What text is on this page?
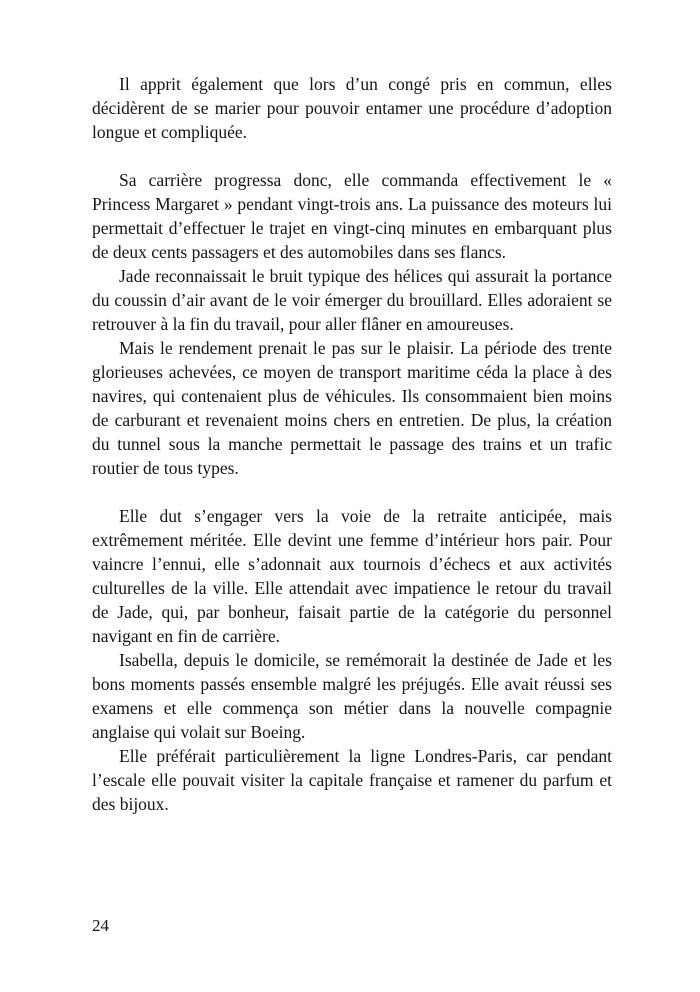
Il apprit également que lors d’un congé pris en commun, elles décidèrent de se marier pour pouvoir entamer une procédure d’adoption longue et compliquée.

Sa carrière progressa donc, elle commanda effectivement le « Princess Margaret » pendant vingt-trois ans. La puissance des moteurs lui permettait d’effectuer le trajet en vingt-cinq minutes en embarquant plus de deux cents passagers et des automobiles dans ses flancs.

Jade reconnaissait le bruit typique des hélices qui assurait la portance du coussin d’air avant de le voir émerger du brouillard. Elles adoraient se retrouver à la fin du travail, pour aller flâner en amoureuses.

Mais le rendement prenait le pas sur le plaisir. La période des trente glorieuses achevées, ce moyen de transport maritime céda la place à des navires, qui contenaient plus de véhicules. Ils consommaient bien moins de carburant et revenaient moins chers en entretien. De plus, la création du tunnel sous la manche permettait le passage des trains et un trafic routier de tous types.

Elle dut s’engager vers la voie de la retraite anticipée, mais extrêmement méritée. Elle devint une femme d’intérieur hors pair. Pour vaincre l’ennui, elle s’adonnait aux tournois d’échecs et aux activités culturelles de la ville. Elle attendait avec impatience le retour du travail de Jade, qui, par bonheur, faisait partie de la catégorie du personnel navigant en fin de carrière.

Isabella, depuis le domicile, se remémorait la destinée de Jade et les bons moments passés ensemble malgré les préjugés. Elle avait réussi ses examens et elle commença son métier dans la nouvelle compagnie anglaise qui volait sur Boeing.

Elle préférait particulièrement la ligne Londres-Paris, car pendant l’escale elle pouvait visiter la capitale française et ramener du parfum et des bijoux.

24
